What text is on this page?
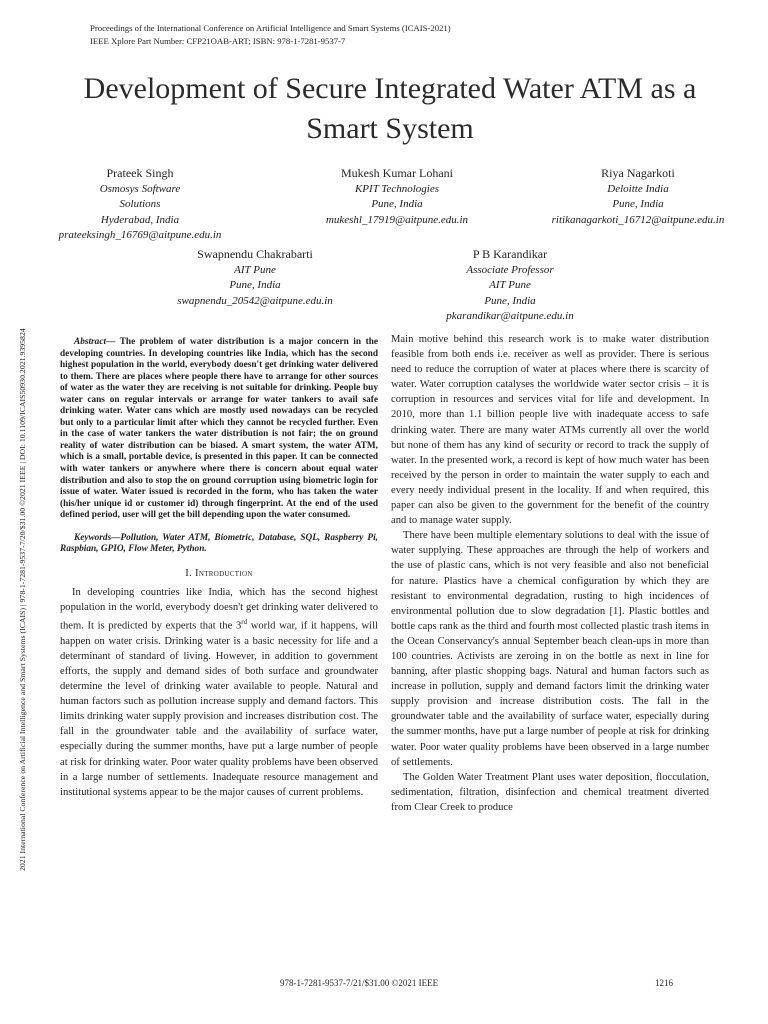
Proceedings of the International Conference on Artificial Intelligence and Smart Systems (ICAIS-2021)
IEEE Xplore Part Number: CFP21OAB-ART; ISBN: 978-1-7281-9537-7
2021 International Conference on Artificial Intelligence and Smart Systems (ICAIS) | 978-1-7281-9537-7/20/$31.00 ©2021 IEEE | DOI: 10.1109/ICAIS50930.2021.9395824
Development of Secure Integrated Water ATM as a
Smart System
Prateek Singh
Osmosys Software
Solutions
Hyderabad, India
prateeksingh_16769@aitpune.edu.in
Mukesh Kumar Lohani
KPIT Technologies
Pune, India
mukeshl_17919@aitpune.edu.in
Riya Nagarkoti
Deloitte India
Pune, India
ritikanagarkoti_16712@aitpune.edu.in
Swapnendu Chakrabarti
AIT Pune
Pune, India
swapnendu_20542@aitpune.edu.in
P B Karandikar
Associate Professor
AIT Pune
Pune, India
pkarandikar@aitpune.edu.in

Abstract— The problem of water distribution is a major concern in the developing countries. In developing countries like India, which has the second highest population in the world, everybody doesn't get drinking water delivered to them. There are places where people there have to arrange for other sources of water as the water they are receiving is not suitable for drinking. People buy water cans on regular intervals or arrange for water tankers to avail safe drinking water. Water cans which are mostly used nowadays can be recycled but only to a particular limit after which they cannot be recycled further. Even in the case of water tankers the water distribution is not fair; the on ground reality of water distribution can be biased. A smart system, the water ATM, which is a small, portable device, is presented in this paper. It can be connected with water tankers or anywhere where there is concern about equal water distribution and also to stop the on ground corruption using biometric login for issue of water. Water issued is recorded in the form, who has taken the water (his/her unique id or customer id) through fingerprint. At the end of the used defined period, user will get the bill depending upon the water consumed.

Keywords—Pollution, Water ATM, Biometric, Database, SQL, Raspberry Pi, Raspbian, GPIO, Flow Meter, Python.

I. Introduction

In developing countries like India, which has the second highest population in the world, everybody doesn't get drinking water delivered to them. It is predicted by experts that the 3rd world war, if it happens, will happen on water crisis. Drinking water is a basic necessity for life and a determinant of standard of living. However, in addition to government efforts, the supply and demand sides of both surface and groundwater determine the level of drinking water available to people. Natural and human factors such as pollution increase supply and demand factors. This limits drinking water supply provision and increases distribution cost. The fall in the groundwater table and the availability of surface water, especially during the summer months, have put a large number of people at risk for drinking water. Poor water quality problems have been observed in a large number of settlements. Inadequate resource management and institutional systems appear to be the major causes of current problems.

Main motive behind this research work is to make water distribution feasible from both ends i.e. receiver as well as provider. There is serious need to reduce the corruption of water at places where there is scarcity of water. Water corruption catalyses the worldwide water sector crisis – it is corruption in resources and services vital for life and development. In 2010, more than 1.1 billion people live with inadequate access to safe drinking water. There are many water ATMs currently all over the world but none of them has any kind of security or record to track the supply of water. In the presented work, a record is kept of how much water has been received by the person in order to maintain the water supply to each and every needy individual present in the locality. If and when required, this paper can also be given to the government for the benefit of the country and to manage water supply.

There have been multiple elementary solutions to deal with the issue of water supplying. These approaches are through the help of workers and the use of plastic cans, which is not very feasible and also not beneficial for nature. Plastics have a chemical configuration by which they are resistant to environmental degradation, rusting to high incidences of environmental pollution due to slow degradation [1]. Plastic bottles and bottle caps rank as the third and fourth most collected plastic trash items in the Ocean Conservancy's annual September beach clean-ups in more than 100 countries. Activists are zeroing in on the bottle as next in line for banning, after plastic shopping bags. Natural and human factors such as increase in pollution, supply and demand factors limit the drinking water supply provision and increase distribution costs. The fall in the groundwater table and the availability of surface water, especially during the summer months, have put a large number of people at risk for drinking water. Poor water quality problems have been observed in a large number of settlements.

The Golden Water Treatment Plant uses water deposition, flocculation, sedimentation, filtration, disinfection and chemical treatment diverted from Clear Creek to produce

978-1-7281-9537-7/21/$31.00 ©2021 IEEE	1216
